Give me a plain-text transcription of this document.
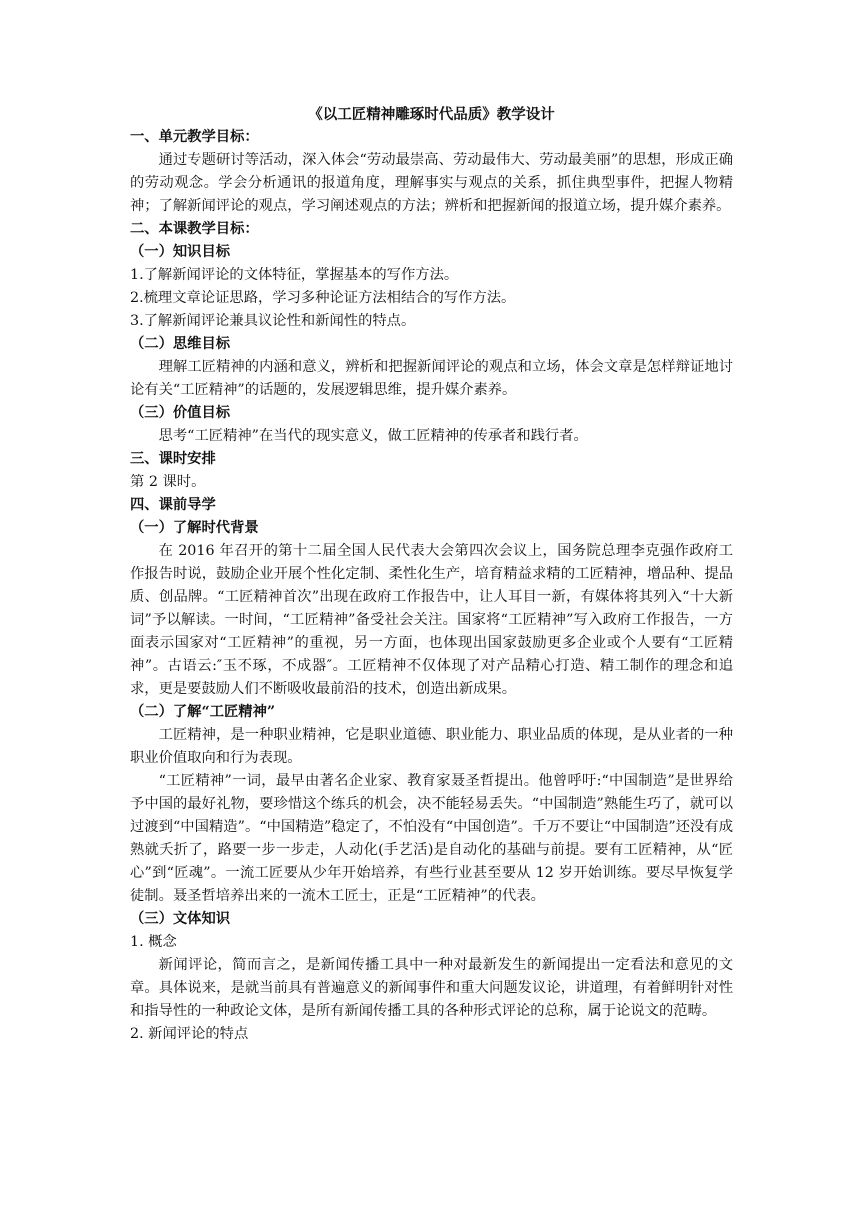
《以工匠精神雕琢时代品质》教学设计
一、单元教学目标：
通过专题研讨等活动，深入体会“劳动最崇高、劳动最伟大、劳动最美丽”的思想，形成正确的劳动观念。学会分析通讯的报道角度，理解事实与观点的关系，抓住典型事件，把握人物精神；了解新闻评论的观点，学习阐述观点的方法；辨析和把握新闻的报道立场，提升媒介素养。
二、本课教学目标：
（一）知识目标
1.了解新闻评论的文体特征，掌握基本的写作方法。
2.梳理文章论证思路，学习多种论证方法相结合的写作方法。
3.了解新闻评论兼具议论性和新闻性的特点。
（二）思维目标
理解工匠精神的内涵和意义，辨析和把握新闻评论的观点和立场，体会文章是怎样辩证地讨论有关“工匠精神”的话题的，发展逻辑思维，提升媒介素养。
（三）价值目标
思考“工匠精神”在当代的现实意义，做工匠精神的传承者和践行者。
三、课时安排
第 2 课时。
四、课前导学
（一）了解时代背景
在 2016 年召开的第十二届全国人民代表大会第四次会议上，国务院总理李克强作政府工作报告时说，鼓励企业开展个性化定制、柔性化生产，培育精益求精的工匠精神，增品种、提品质、创品牌。“工匠精神首次”出现在政府工作报告中，让人耳目一新，有媒体将其列入“十大新词”予以解读。一时间，“工匠精神”备受社会关注。国家将“工匠精神”写入政府工作报告，一方面表示国家对“工匠精神”的重视，另一方面，也体现出国家鼓励更多企业或个人要有“工匠精神”。古语云:″玉不琢，不成器″。工匠精神不仅体现了对产品精心打造、精工制作的理念和追求，更是要鼓励人们不断吸收最前沿的技术，创造出新成果。
（二）了解“工匠精神”
工匠精神，是一种职业精神，它是职业道德、职业能力、职业品质的体现，是从业者的一种职业价值取向和行为表现。
“工匠精神”一词，最早由著名企业家、教育家聂圣哲提出。他曾呼吁:“中国制造”是世界给予中国的最好礼物，要珍惜这个练兵的机会，决不能轻易丢失。“中国制造”熟能生巧了，就可以过渡到“中国精造”。“中国精造”稳定了，不怕没有“中国创造”。千万不要让“中国制造”还没有成熟就夭折了，路要一步一步走，人动化(手艺活)是自动化的基础与前提。要有工匠精神，从“匠心”到“匠魂”。一流工匠要从少年开始培养，有些行业甚至要从 12 岁开始训练。要尽早恢复学徒制。聂圣哲培养出来的一流木工匠士，正是“工匠精神”的代表。
（三）文体知识
1. 概念
新闻评论，简而言之，是新闻传播工具中一种对最新发生的新闻提出一定看法和意见的文章。具体说来，是就当前具有普遍意义的新闻事件和重大问题发议论，讲道理，有着鲜明针对性和指导性的一种政论文体，是所有新闻传播工具的各种形式评论的总称，属于论说文的范畴。
2. 新闻评论的特点
